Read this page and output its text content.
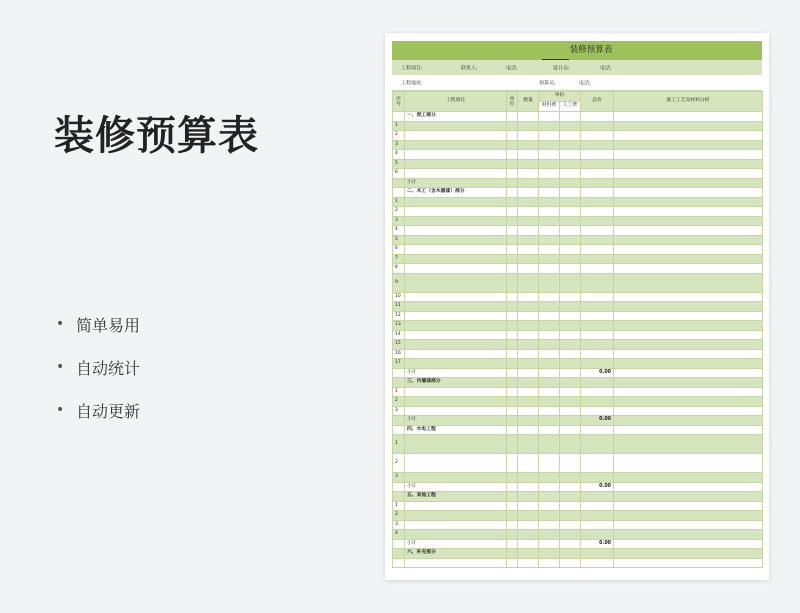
装修预算表
• 简单易用
• 自动统计
• 自动更新
装修预算表
工程项目:	联系人:	电话:	设计员:	电话:
工程地址:	预算员:	电话:
序号	工程项目	单位	数量	单价		总价	施工工艺及材料分析
				材料费	人工费		
	一、泥工部分						
1							
2							
3							
4							
5							
6							
	小计						
	二、木工（含木器漆）部分						
1							
2							
3							
4							
5							
6							
7							
8							
9							
10							
11							
12							
13							
14							
15							
16							
17							
	小计					0.00	
	三、内墙漆部分						
1							
2							
3							
	小计					0.00	
	四、水电工程						
1							
2							
3							
	小计					0.00	
	五、其他工程						
1							
2							
3							
4							
	小计					0.00	
	六、补充部分						
